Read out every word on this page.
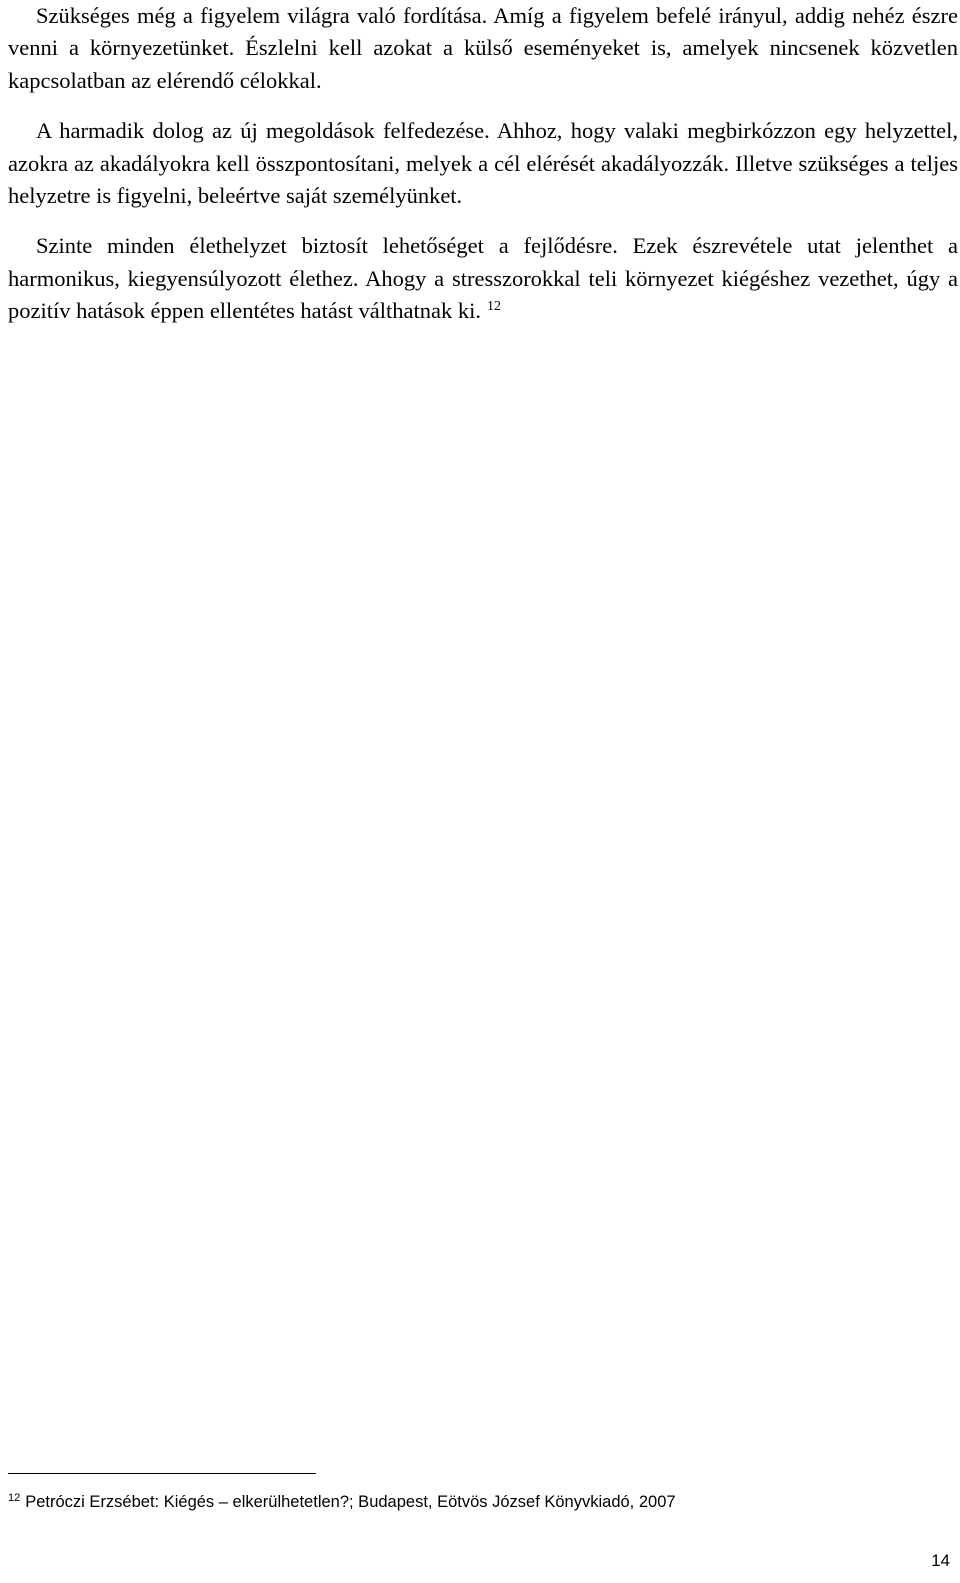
Szükséges még a figyelem világra való fordítása. Amíg a figyelem befelé irányul, addig nehéz észre venni a környezetünket. Észlelni kell azokat a külső eseményeket is, amelyek nincsenek közvetlen kapcsolatban az elérendő célokkal.

A harmadik dolog az új megoldások felfedezése. Ahhoz, hogy valaki megbirkózzon egy helyzettel, azokra az akadályokra kell összpontosítani, melyek a cél elérését akadályozzák. Illetve szükséges a teljes helyzetre is figyelni, beleértve saját személyünket.

Szinte minden élethelyzet biztosít lehetőséget a fejlődésre. Ezek észrevétele utat jelenthet a harmonikus, kiegyensúlyozott élethez. Ahogy a stresszorokkal teli környezet kiégéshez vezethet, úgy a pozitív hatások éppen ellentétes hatást válthatnak ki. $^{12}$

$^{12}$ Petróczi Erzsébet: Kiégés – elkerülhetetlen?; Budapest, Eötvös József Könyvkiadó, 2007
14
